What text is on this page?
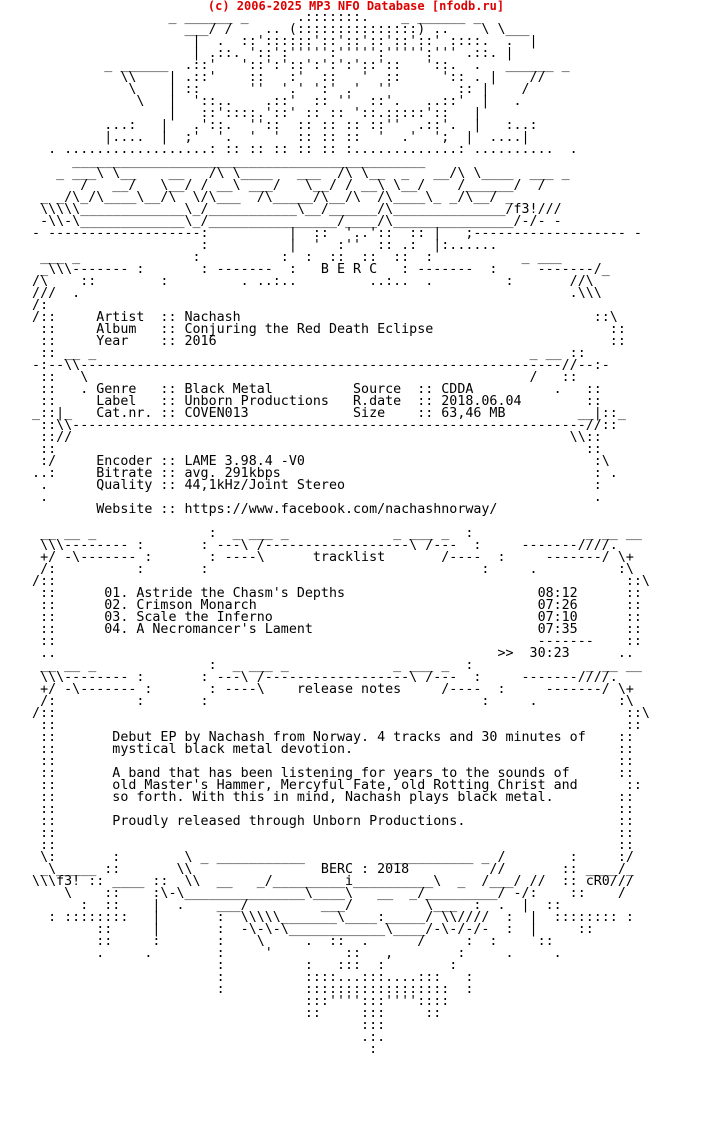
(c) 2006-2025 MP3 NFO Database [nfodb.ru]
_ ______ _      .:::::::.    _ ______ _
___/ /    .. (:::::::::::::::) ..    \ \___
|  .  ::'::::::'::'::'::'::'::' ::::.  .  |
| .::. '::':''''':''''':''''':''' .::. |
_ ______  .::'   '::':'::':':':'::'::   '::.  .   ______ _
\\    | .::'    ::   :'  ::   '  ::     ':: . |    //
\    | ::      ''  '.' ':' .'  ''        :: |    /
\   |  '::..    .::'  :: ''  ::'.   ..::'  |   .
|   ::'::::.'::' :: :: '::.:::::'::   |
...:   |   .'::.  ''::  :: :: :: ::''  .::'.  |   :..:
|....  |  ;'  '.  '  '  :: :: ::  '  .'  ';  |  ....|
. ..................: :: :: :: :: :: :.............: ..........  .
____________________________________________
_ ___\ \__    __   /\ \____   ___  /\ \__  _   __/\ \____  ___ _
/   __/   \__/ / __\ ___/   \__/ / __\ \__/    /______/  /
_ _/\_/\____\__/\  \/\___  /\_____/\__/\  /\____\_ _/\__/ _
\\\\\_____________\_/___________\__/______/\______________/f3!///
-\\-\_____________\_/________________/____/\_______________/-/- -
- -------------------:          |  ::  '..'::  :: |   ;------------------- -
:          |  '  :''  :: .:  |:......
___ _              :          :  :  ::  ::  ::  :           _ ___
_\\\------- :       : -------  :   B E R C   : -------  :     -------/_
/\    ::        :         . ..:..         ..:..  .         :       //\
///  .                                                             .\\\
/:
/::     Artist  :: Nachash                                            ::\
::     Album   :: Conjuring the Red Death Eclipse                      ::
::     Year    :: 2016                                                 ::
:: __ _                                                      _ __ ::
-:--\\------------------------------------------------------------//--:-
::   \                                                       /   ::
::   . Genre   :: Black Metal          Source  :: CDDA          .   ::
::     Label   :: Unborn Productions   R.date  :: 2018.06.04        ::
_::|_   Cat.nr. :: COVEN013             Size    :: 63,46 MB         __|::_
::\\----------------------------------------------------------------//::
:://                                                              \\::
::                                                                  ::
:/     Encoder :: LAME 3.98.4 -V0                                    :\
..:     Bitrate :: avg. 291kbps                                       : .
.      Quality :: 44,1kHz/Joint Stereo                               :
.                                                                    .
Website :: https://www.facebook.com/nachashnorway/

__ __ _              :  _ ___ _             _ ___ _  :              _ __ __
\\\-------- :       : ---\ /------------------\ /---  :     -------////.
+/ -\------- :       : ----\      tracklist       /----  :     -------/ \+
/:          :       :                                  :     .          :\
/::                                                                       ::\
::      01. Astride the Chasm's Depths                        08:12      ::
::      02. Crimson Monarch                                   07:26      ::
::      03. Scale the Inferno                                 07:10      ::
::      04. A Necromancer's Lament                            07:35      ::
::                                                            -------    ::
..                                                       >>  30:23      ..
__ __ _              :  _ ___ _             _ ___ _  :              _ __ __
\\\-------- :       : ---\ /------------------\ /---  :     -------////.
+/ -\------- :       : ----\    release notes     /----  :     -------/ \+
/:          :       :                                  :     .          :\
/::                                                                       ::\
::                                                                       ::
::       Debut EP by Nachash from Norway. 4 tracks and 30 minutes of    ::
::       mystical black metal devotion.                                 ::
::                                                                      ::
::       A band that has been listening for years to the sounds of      ::
::       old Master's Hammer, Mercyful Fate, old Rotting Christ and      ::
::       so forth. With this in mind, Nachash plays black metal.        ::
::                                                                      ::
::       Proudly released through Unborn Productions.                   ::
::                                                                      ::
::                                                                      ::
\:       :        \ _ ___________          ___________ _ /        :     :/
_\_____ ::       \\                BERC : 2018          //       :: ____/_
\\\f3! :: ____ ::  \\  __   _/_________i__________\  _  /___/ //  :: cR0///
\    ::    :\-\_______________\____\   __  _/_________/ -/:    ::    /
:  ::    |  .    ___/         ___/         \___  :  .  |  ::
: ::::::::   |       :  \\\\\_______\____:_____/ \\////  :  |  :::::::: :
::     |       :  -\-\-\____________\____/-\-/-/-  :  |     ::
::     :       :    \     .  ::  .      /     :  :     ::
.     .        :     '         ::   ,        :     .     .
:          :   :::  :        :
:          ::::...:::....:::   :
:          ::::::::::::::::::  :
:::'''':::''''::::
::     :::     ::
:::
.:.
:
